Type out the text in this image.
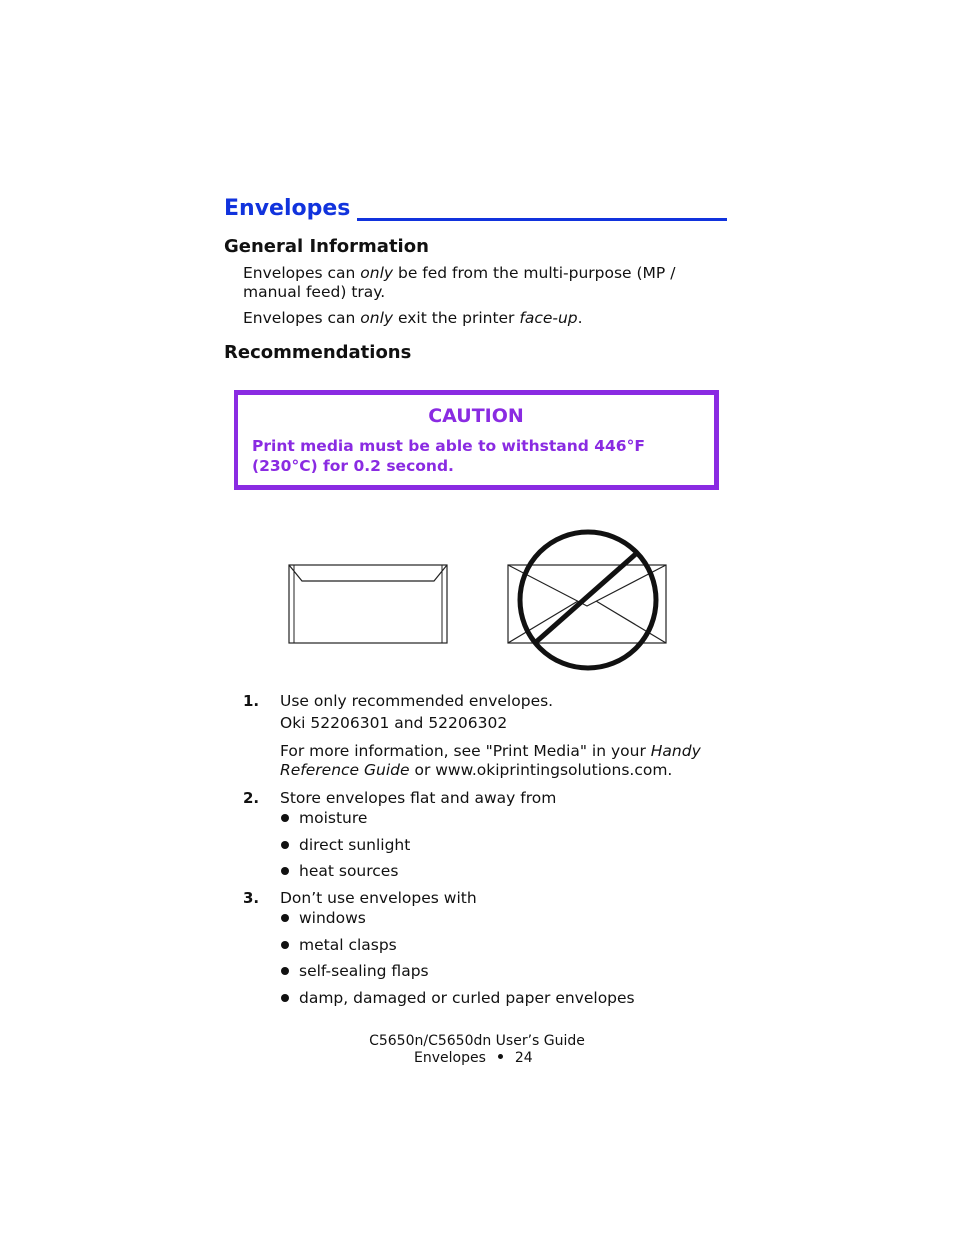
Envelopes
General Information
Envelopes can only be fed from the multi-purpose (MP /
manual feed) tray.
Envelopes can only exit the printer face-up.
Recommendations
CAUTION
Print media must be able to withstand 446°F
(230°C) for 0.2 second.
1. Use only recommended envelopes.
Oki 52206301 and 52206302
For more information, see "Print Media" in your Handy
Reference Guide or www.okiprintingsolutions.com.
2. Store envelopes flat and away from
moisture
direct sunlight
heat sources
3. Don’t use envelopes with
windows
metal clasps
self-sealing flaps
damp, damaged or curled paper envelopes
C5650n/C5650dn User’s Guide
Envelopes 24
